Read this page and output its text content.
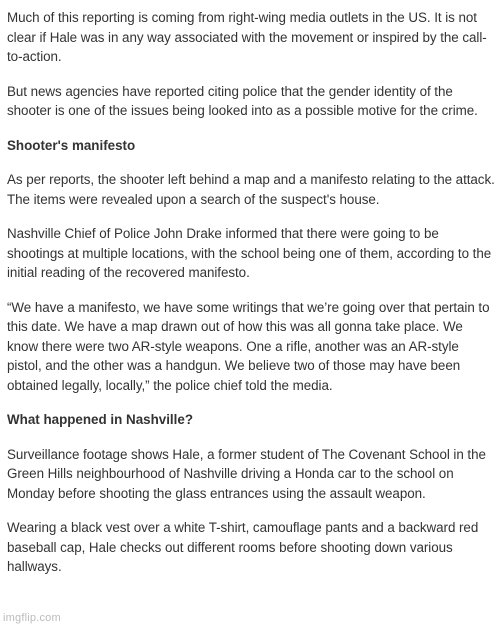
Much of this reporting is coming from right-wing media outlets in the US. It is not clear if Hale was in any way associated with the movement or inspired by the call-to-action.

But news agencies have reported citing police that the gender identity of the shooter is one of the issues being looked into as a possible motive for the crime.

Shooter's manifesto

As per reports, the shooter left behind a map and a manifesto relating to the attack. The items were revealed upon a search of the suspect's house.

Nashville Chief of Police John Drake informed that there were going to be shootings at multiple locations, with the school being one of them, according to the initial reading of the recovered manifesto.

“We have a manifesto, we have some writings that we’re going over that pertain to this date. We have a map drawn out of how this was all gonna take place. We know there were two AR-style weapons. One a rifle, another was an AR-style pistol, and the other was a handgun. We believe two of those may have been obtained legally, locally,” the police chief told the media.

What happened in Nashville?

Surveillance footage shows Hale, a former student of The Covenant School in the Green Hills neighbourhood of Nashville driving a Honda car to the school on Monday before shooting the glass entrances using the assault weapon.

Wearing a black vest over a white T-shirt, camouflage pants and a backward red baseball cap, Hale checks out different rooms before shooting down various hallways.

imgflip.com
